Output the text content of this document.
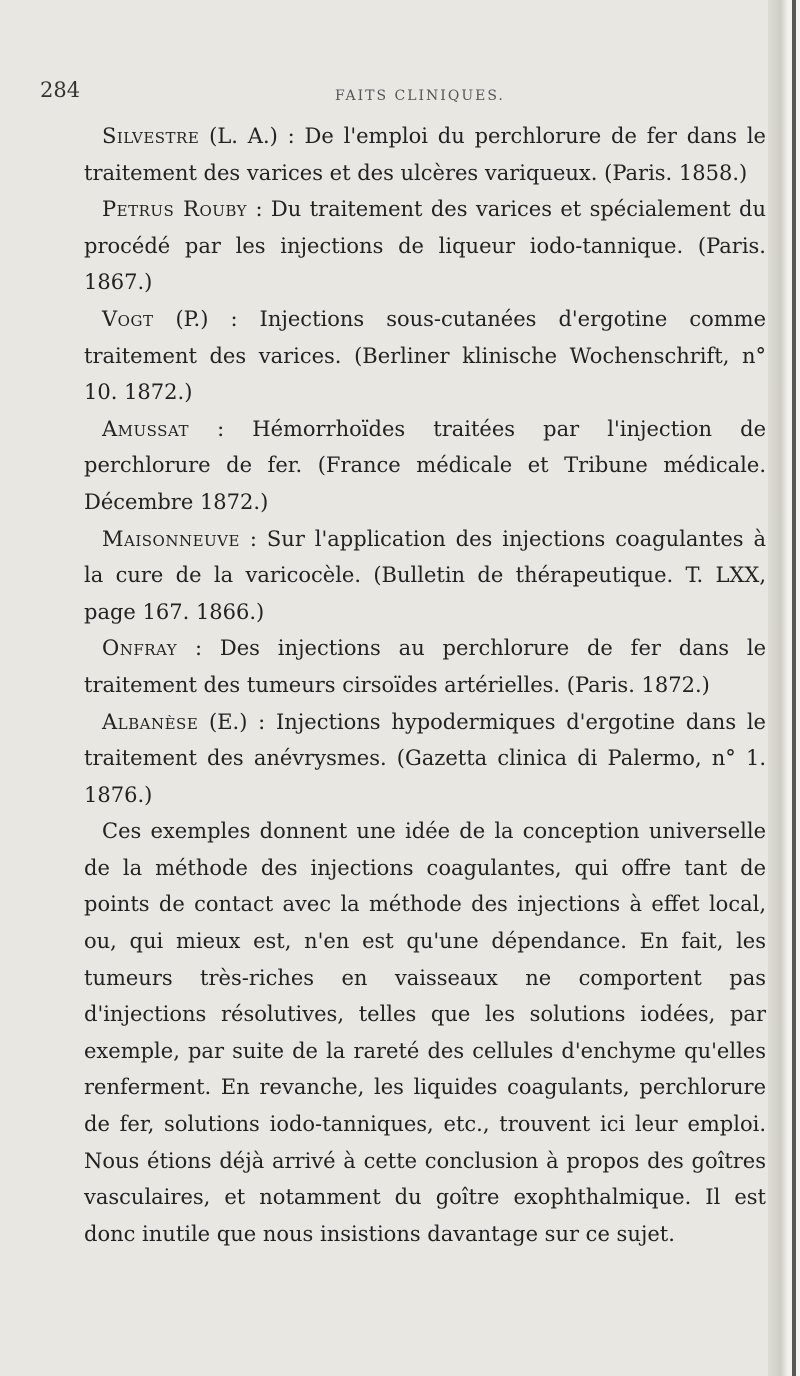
284	FAITS CLINIQUES.

Silvestre (L. A.) : De l'emploi du perchlorure de fer dans le traitement des varices et des ulcères variqueux. (Paris. 1858.)

Petrus Rouby : Du traitement des varices et spécialement du procédé par les injections de liqueur iodo-tannique. (Paris. 1867.)

Vogt (P.) : Injections sous-cutanées d'ergotine comme traitement des varices. (Berliner klinische Wochenschrift, n° 10. 1872.)

Amussat : Hémorrhoïdes traitées par l'injection de perchlorure de fer. (France médicale et Tribune médicale. Décembre 1872.)

Maisonneuve : Sur l'application des injections coagulantes à la cure de la varicocèle. (Bulletin de thérapeutique. T. LXX, page 167. 1866.)

Onfray : Des injections au perchlorure de fer dans le traitement des tumeurs cirsoïdes artérielles. (Paris. 1872.)

Albanèse (E.) : Injections hypodermiques d'ergotine dans le traitement des anévrysmes. (Gazetta clinica di Palermo, n° 1. 1876.)

Ces exemples donnent une idée de la conception universelle de la méthode des injections coagulantes, qui offre tant de points de contact avec la méthode des injections à effet local, ou, qui mieux est, n'en est qu'une dépendance. En fait, les tumeurs très-riches en vaisseaux ne comportent pas d'injections résolutives, telles que les solutions iodées, par exemple, par suite de la rareté des cellules d'enchyme qu'elles renferment. En revanche, les liquides coagulants, perchlorure de fer, solutions iodo-tanniques, etc., trouvent ici leur emploi. Nous étions déjà arrivé à cette conclusion à propos des goîtres vasculaires, et notamment du goître exophthalmique. Il est donc inutile que nous insistions davantage sur ce sujet.
